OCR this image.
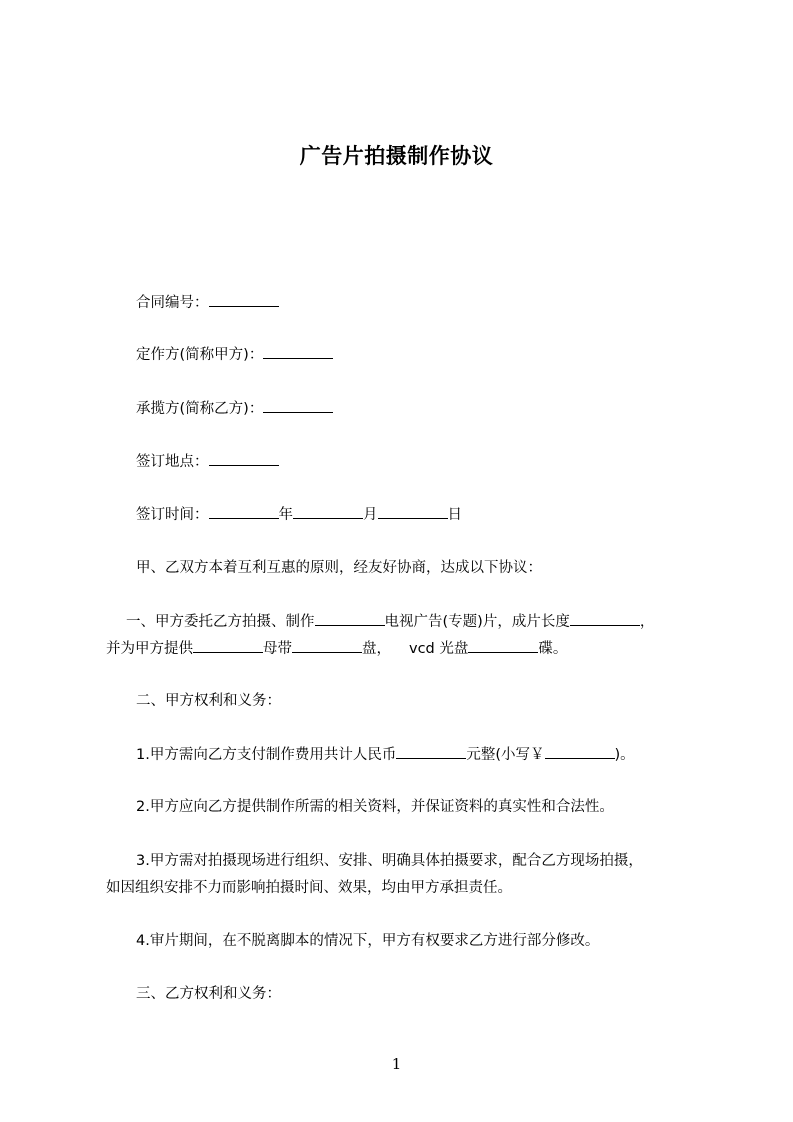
广告片拍摄制作协议
合同编号：
定作方(简称甲方)：
承揽方(简称乙方)：
签订地点：
签订时间：	年	月	日
甲、乙双方本着互利互惠的原则，经友好协商，达成以下协议：
一、甲方委托乙方拍摄、制作	电视广告(专题)片，成片长度	，
并为甲方提供	母带	盘， vcd 光盘	碟。
二、甲方权利和义务：
1.甲方需向乙方支付制作费用共计人民币	元整(小写￥	)。
2.甲方应向乙方提供制作所需的相关资料，并保证资料的真实性和合法性。
3.甲方需对拍摄现场进行组织、安排、明确具体拍摄要求，配合乙方现场拍摄，
如因组织安排不力而影响拍摄时间、效果，均由甲方承担责任。
4.审片期间，在不脱离脚本的情况下，甲方有权要求乙方进行部分修改。
三、乙方权利和义务：
1
